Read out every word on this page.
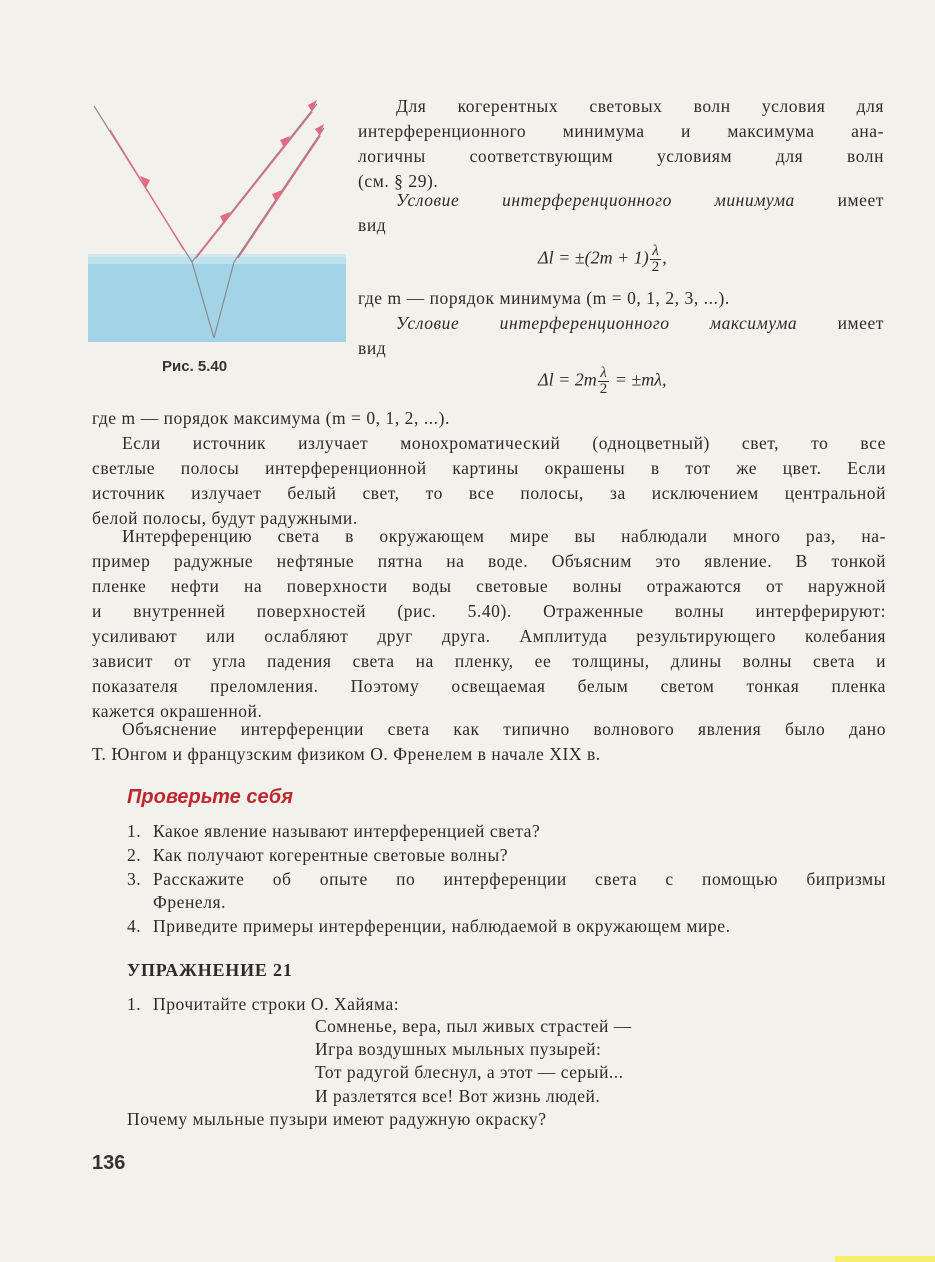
Рис. 5.40

Для когерентных световых волн условия для

интерференционного минимума и максимума ана-

логичны соответствующим условиям для волн

(см. § 29).

Условие интерференционного минимума имеет

вид

$\Delta l = \pm(2m + 1) \frac{\lambda}{2}$ ,

где m — порядок минимума (m = 0, 1, 2, 3, ...).

Условие интерференционного максимума имеет

вид

$\Delta l = 2m \frac{\lambda}{2} = \pm m\lambda$,

где m — порядок максимума (m = 0, 1, 2, ...).

Если источник излучает монохроматический (одноцветный) свет, то все

светлые полосы интерференционной картины окрашены в тот же цвет. Если

источник излучает белый свет, то все полосы, за исключением центральной

белой полосы, будут радужными.

Интерференцию света в окружающем мире вы наблюдали много раз, на-

пример радужные нефтяные пятна на воде. Объясним это явление. В тонкой

пленке нефти на поверхности воды световые волны отражаются от наружной

и внутренней поверхностей (рис. 5.40). Отраженные волны интерферируют:

усиливают или ослабляют друг друга. Амплитуда результирующего колебания

зависит от угла падения света на пленку, ее толщины, длины волны света и

показателя преломления. Поэтому освещаемая белым светом тонкая пленка

кажется окрашенной.

Объяснение интерференции света как типично волнового явления было дано

Т. Юнгом и французским физиком О. Френелем в начале XIX в.

Проверьте себя

1. Какое явление называют интерференцией света?

2. Как получают когерентные световые волны?

3. Расскажите об опыте по интерференции света с помощью бипризмы

Френеля.

4. Приведите примеры интерференции, наблюдаемой в окружающем мире.

УПРАЖНЕНИЕ 21

1. Прочитайте строки О. Хайяма:

Сомненье, вера, пыл живых страстей —
Игра воздушных мыльных пузырей:
Тот радугой блеснул, а этот — серый...
И разлетятся все! Вот жизнь людей.

Почему мыльные пузыри имеют радужную окраску?

136
